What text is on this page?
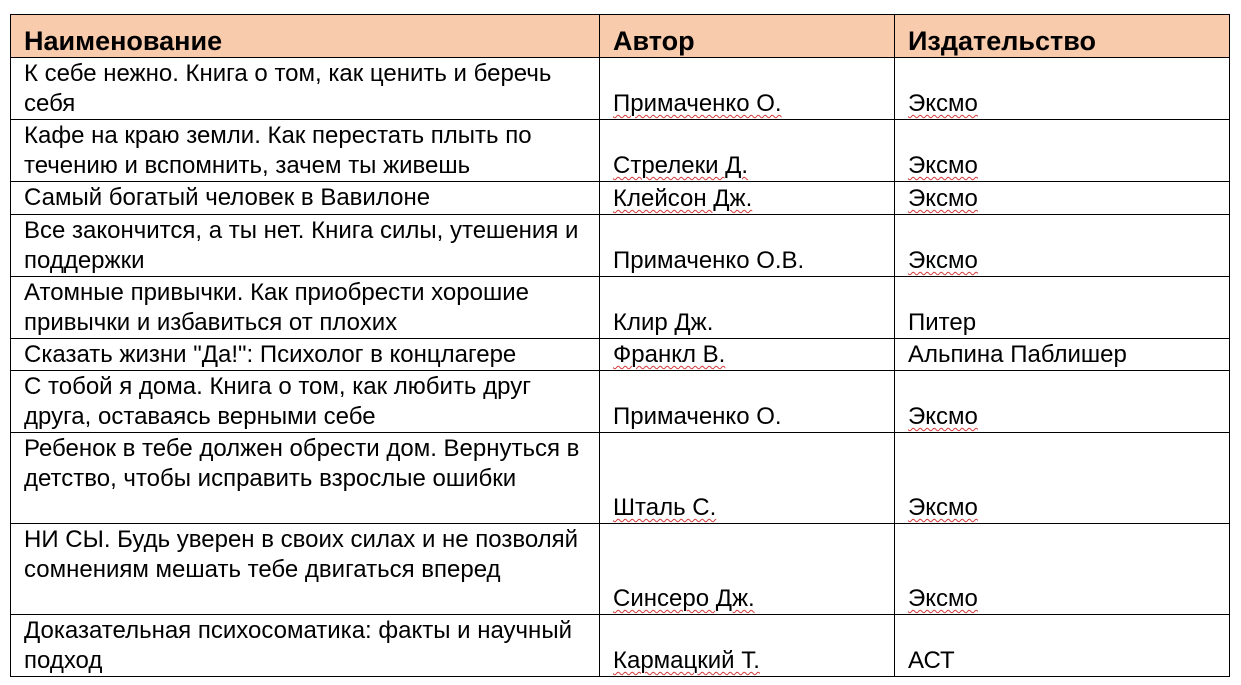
Наименование	Автор	Издательство
К себе нежно. Книга о том, как ценить и беречь себя	Примаченко О.	Эксмо
Кафе на краю земли. Как перестать плыть по течению и вспомнить, зачем ты живешь	Стрелеки Д.	Эксмо
Самый богатый человек в Вавилоне	Клейсон Дж.	Эксмо
Все закончится, а ты нет. Книга силы, утешения и поддержки	Примаченко О.В.	Эксмо
Атомные привычки. Как приобрести хорошие привычки и избавиться от плохих	Клир Дж.	Питер
Сказать жизни "Да!": Психолог в концлагере	Франкл В.	Альпина Паблишер
С тобой я дома. Книга о том, как любить друг друга, оставаясь верными себе	Примаченко О.	Эксмо
Ребенок в тебе должен обрести дом. Вернуться в детство, чтобы исправить взрослые ошибки	Шталь С.	Эксмо
НИ СЫ. Будь уверен в своих силах и не позволяй сомнениям мешать тебе двигаться вперед	Синсеро Дж.	Эксмо
Доказательная психосоматика: факты и научный подход	Кармацкий Т.	АСТ
